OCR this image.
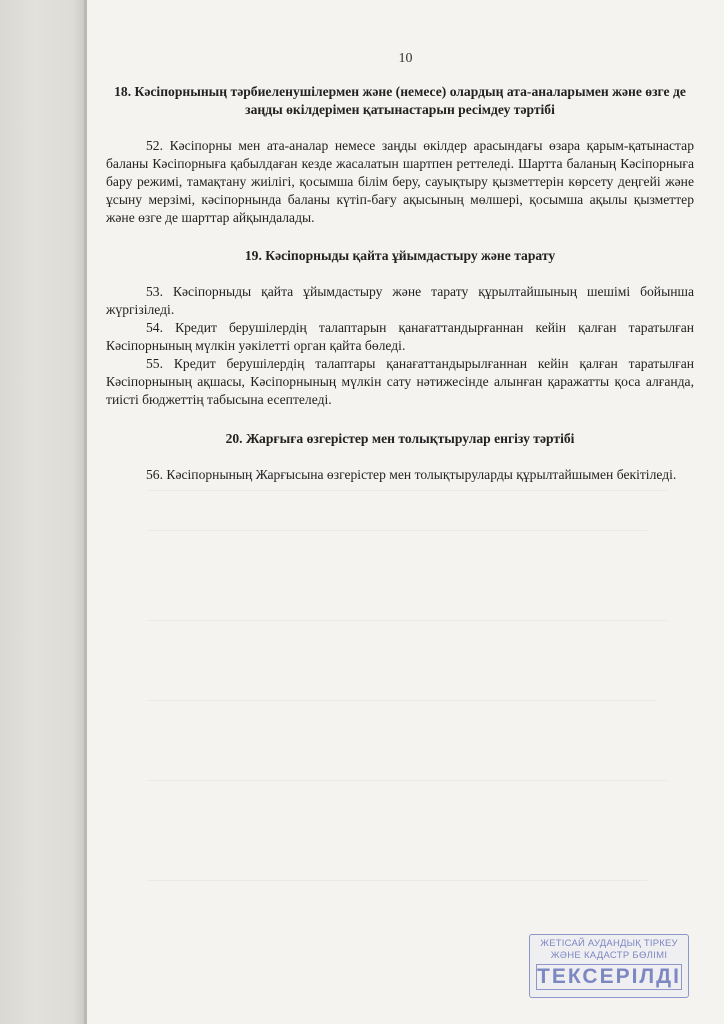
10
18. Кәсіпорнының тәрбиеленушілермен және (немесе) олардың ата-аналарымен және өзге де заңды өкілдерімен қатынастарын ресімдеу тәртібі

52. Кәсіпорны мен ата-аналар немесе заңды өкілдер арасындағы өзара қарым-қатынастар баланы Кәсіпорнығa қабылдаған кезде жасалатын шартпен реттеледі. Шартта баланың Кәсіпорнығa бару режимі, тамақтану жиілігі, қосымша білім беру, сауықтыру қызметтерін көрсету деңгейі және ұсыну мерзімі, кәсіпорнында баланы күтіп-бағу ақысының мөлшері, қосымша ақылы қызметтер және өзге де шарттар айқындалады.

19. Кәсіпорныды қайта ұйымдастыру және тарату

53. Кәсіпорныды қайта ұйымдастыру және тарату құрылтайшының шешімі бойынша жүргізіледі.

54. Кредит берушілердің талаптарын қанағаттандырғаннан кейін қалған таратылған Кәсіпорнының мүлкін уәкілетті орган қайта бөледі.

55. Кредит берушілердің талаптары қанағаттандырылғаннан кейін қалған таратылған Кәсіпорнының ақшасы, Кәсіпорнының мүлкін сату нәтижесінде алынған қаражатты қоса алғанда, тиісті бюджеттің табысына есептеледі.

20. Жарғыға өзгерістер мен толықтырулар енгізу тәртібі

56. Кәсіпорнының Жарғысына өзгерістер мен толықтыруларды құрылтайшымен бекітіледі.

ЖЕТІСАЙ АУДАНДЫҚ ТІРКЕУ
ЖӘНЕ КАДАСТР БӨЛІМІ
ТЕКСЕРІЛДІ
